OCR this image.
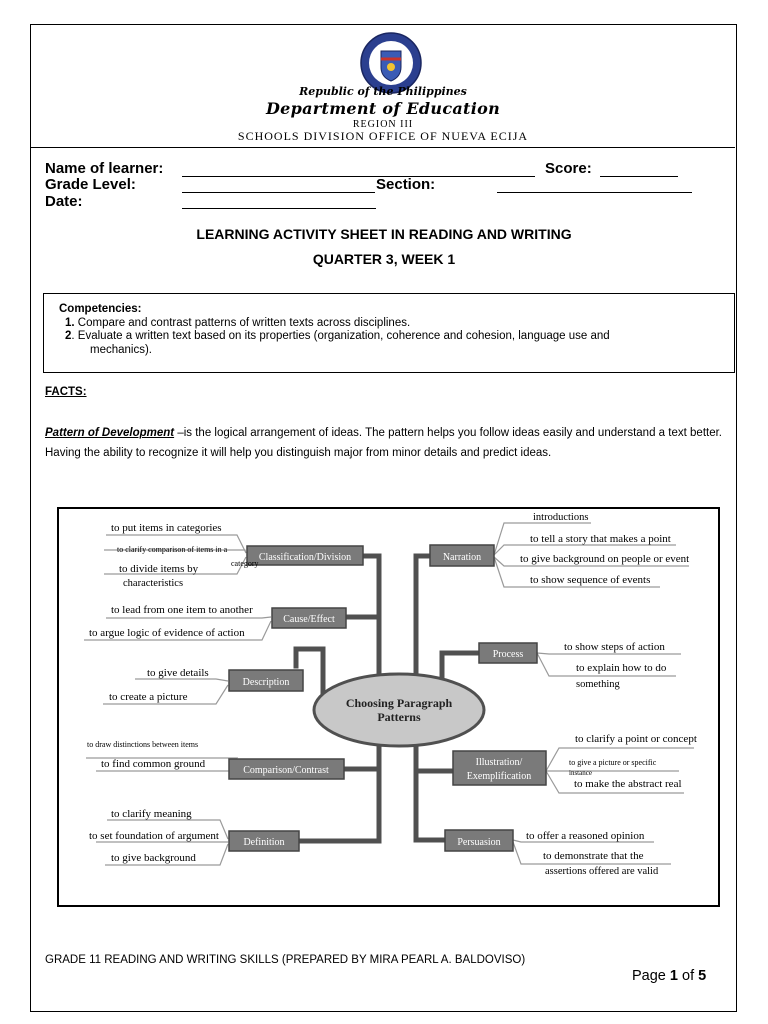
Republic of the Philippines
Department of Education
REGION III
SCHOOLS DIVISION OFFICE OF NUEVA ECIJA
Name of learner:	Score:
Grade Level:	Section:
Date:
LEARNING ACTIVITY SHEET IN READING AND WRITING
QUARTER 3, WEEK 1
Competencies:
1. Compare and contrast patterns of written texts across disciplines.
2. Evaluate a written text based on its properties (organization, coherence and cohesion, language use and
mechanics).
FACTS:
Pattern of Development –is the logical arrangement of ideas. The pattern helps you follow ideas easily and understand a text better. Having the ability to recognize it will help you distinguish major from minor details and predict ideas.
Choosing Paragraph
Patterns
Classification/Division
to put items in categories
to clarify comparison of items in a
category
to divide items by
characteristics
Cause/Effect
to lead from one item to another
to argue logic of evidence of action
Description
to give details
to create a picture
Comparison/Contrast
to draw distinctions between items
to find common ground
Definition
to clarify meaning
to set foundation of argument
to give background
Narration
introductions
to tell a story that makes a point
to give background on people or event
to show sequence of events
Process
to show steps of action
to explain how to do
something
Illustration/
Exemplification
to clarify a point or concept
to give a picture or specific
instance
to make the abstract real
Persuasion
to offer a reasoned opinion
to demonstrate that the
assertions offered are valid
GRADE 11 READING AND WRITING SKILLS (PREPARED BY MIRA PEARL A. BALDOVISO)
Page 1 of 5
